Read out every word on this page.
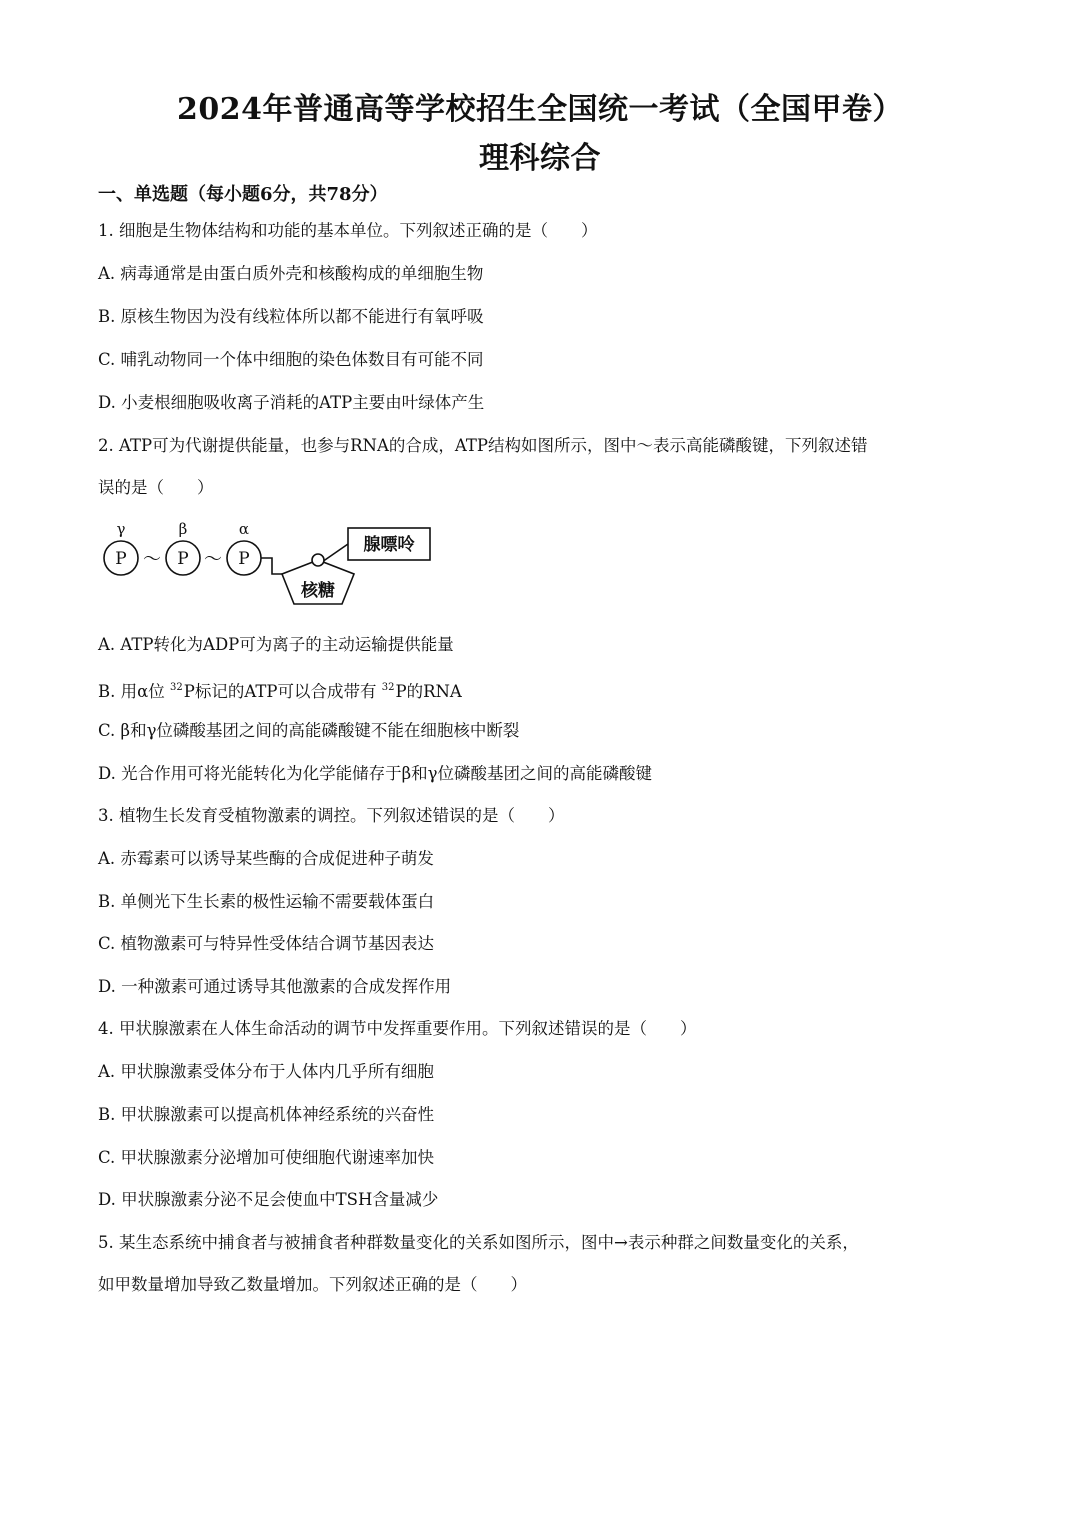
2024年普通高等学校招生全国统一考试（全国甲卷）
理科综合
一、单选题（每小题6分，共78分）
1. 细胞是生物体结构和功能的基本单位。下列叙述正确的是（　　）
A. 病毒通常是由蛋白质外壳和核酸构成的单细胞生物
B. 原核生物因为没有线粒体所以都不能进行有氧呼吸
C. 哺乳动物同一个体中细胞的染色体数目有可能不同
D. 小麦根细胞吸收离子消耗的ATP主要由叶绿体产生
2. ATP可为代谢提供能量，也参与RNA的合成，ATP结构如图所示，图中～表示高能磷酸键，下列叙述错
误的是（　　）
γ	β	α
P	P	P
～ ～
腺嘌呤
核糖
A. ATP转化为ADP可为离子的主动运输提供能量
B. 用α位 $^{32}$P标记的ATP可以合成带有 $^{32}$P的RNA
C. β和γ位磷酸基团之间的高能磷酸键不能在细胞核中断裂
D. 光合作用可将光能转化为化学能储存于β和γ位磷酸基团之间的高能磷酸键
3. 植物生长发育受植物激素的调控。下列叙述错误的是（　　）
A. 赤霉素可以诱导某些酶的合成促进种子萌发
B. 单侧光下生长素的极性运输不需要载体蛋白
C. 植物激素可与特异性受体结合调节基因表达
D. 一种激素可通过诱导其他激素的合成发挥作用
4. 甲状腺激素在人体生命活动的调节中发挥重要作用。下列叙述错误的是（　　）
A. 甲状腺激素受体分布于人体内几乎所有细胞
B. 甲状腺激素可以提高机体神经系统的兴奋性
C. 甲状腺激素分泌增加可使细胞代谢速率加快
D. 甲状腺激素分泌不足会使血中TSH含量减少
5. 某生态系统中捕食者与被捕食者种群数量变化的关系如图所示，图中→表示种群之间数量变化的关系，
如甲数量增加导致乙数量增加。下列叙述正确的是（　　）
